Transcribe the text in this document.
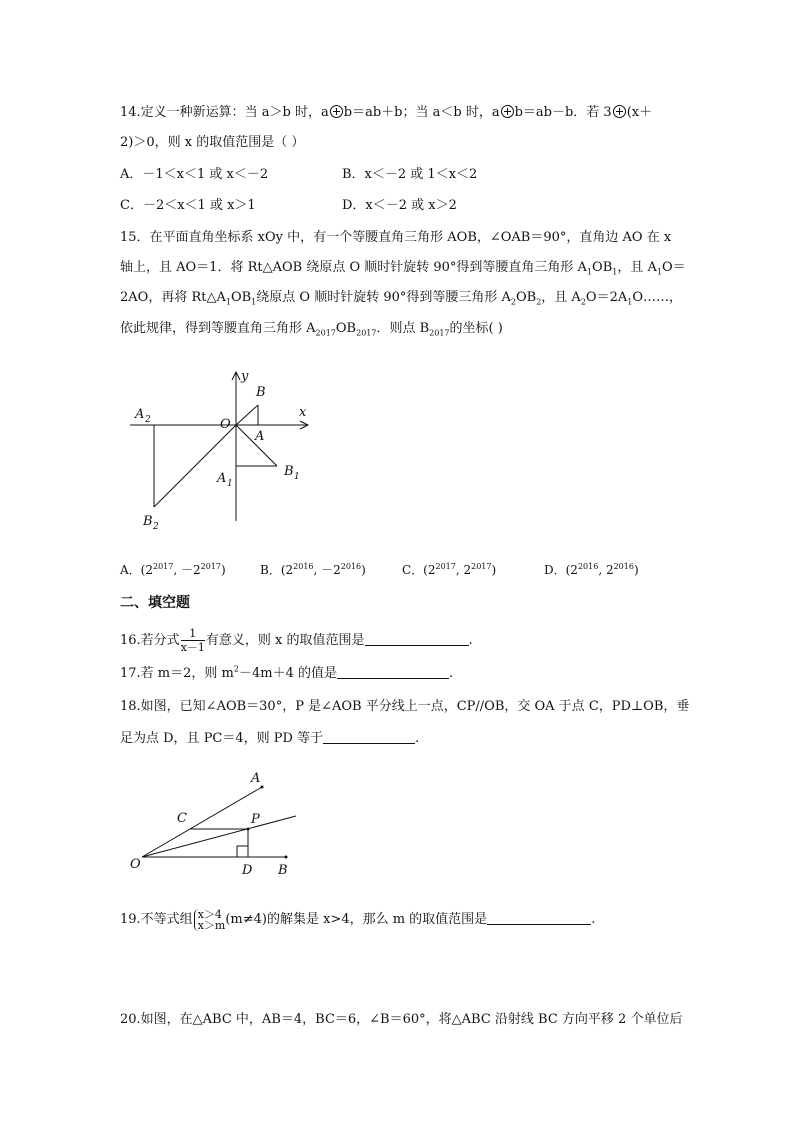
14.定义一种新运算：当 a＞b 时，a b＝ab＋b；当 a＜b 时，a b＝ab－b．若 3 (x＋
2)＞0，则 x 的取值范围是（ ）
A．－1＜x＜1 或 x＜－2	B．x＜－2 或 1＜x＜2
C．－2＜x＜1 或 x＞1	D．x＜－2 或 x＞2
15．在平面直角坐标系 xOy 中，有一个等腰直角三角形 AOB，∠OAB＝90°，直角边 AO 在 x
轴上，且 AO＝1．将 Rt△AOB 绕原点 O 顺时针旋转 90°得到等腰直角三角形 $A_1OB_1$，且 $A_1O=$
2AO，再将 $Rt\triangle A_1OB_1$绕原点 O 顺时针旋转 90°得到等腰三角形 $A_2OB_2$，且 $A_2O=2A_1O\dots\dots$，
依此规律，得到等腰直角三角形 $A_{2017}OB_{2017}$．则点 $B_{2017}$的坐标( )
y
x
B
A
O
A 2
B 1
A 1
B 2
A．($2^{2017}$, $-2^{2017}$)	B．($2^{2016}$, $-2^{2016}$)	C．($2^{2017}$, $2^{2017}$)	D．($2^{2016}$, $2^{2016}$)
二、填空题
16.若分式 $\frac{1}{x-1}$ 有意义，则 x 的取值范围是	.
17.若 m＝2，则 $m^2-4m+4$ 的值是	.
18.如图，已知∠AOB＝30°，P 是∠AOB 平分线上一点，CP//OB，交 OA 于点 C，PD⊥OB，垂
足为点 D，且 PC＝4，则 PD 等于	.
A
C	P
O	D B
19.不等式组 x＞4
x＞m (m≠4)的解集是 x>4，那么 m 的取值范围是	.
20.如图，在△ABC 中，AB＝4，BC＝6，∠B＝60°，将△ABC 沿射线 BC 方向平移 2 个单位后
